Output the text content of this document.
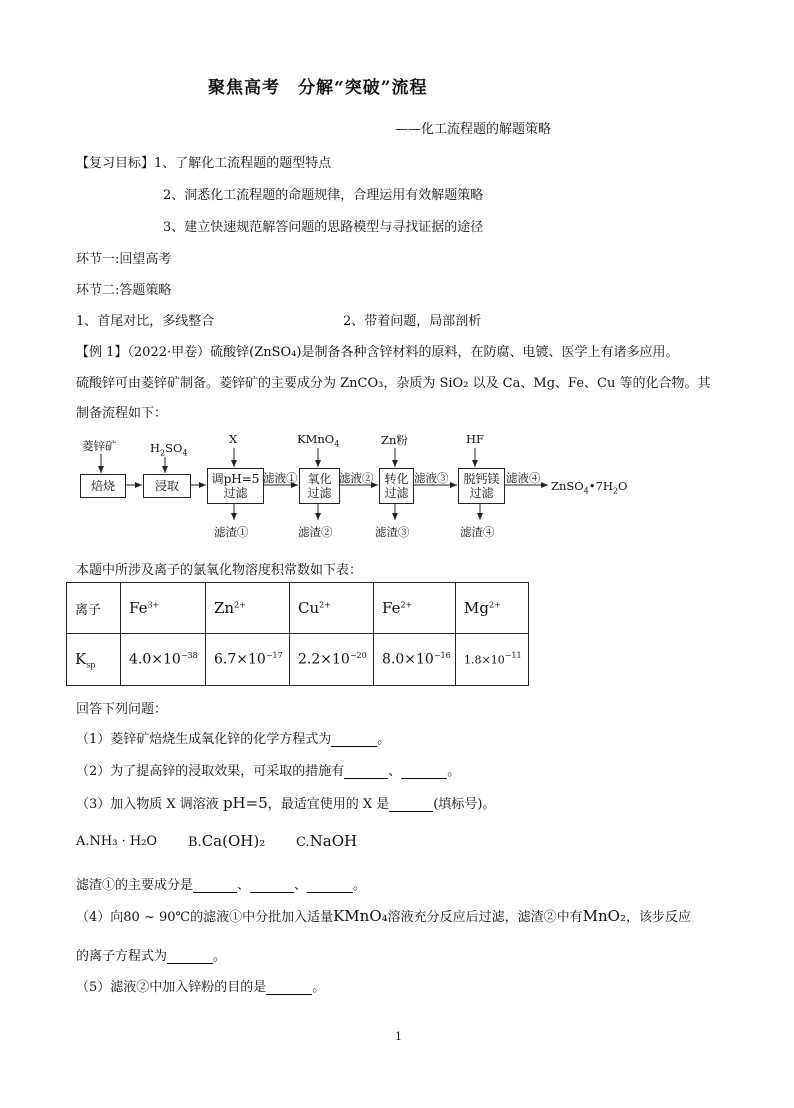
聚焦高考　分解“突破”流程
——化工流程题的解题策略
【复习目标】1、了解化工流程题的题型特点
2、洞悉化工流程题的命题规律，合理运用有效解题策略
3、建立快速规范解答问题的思路模型与寻找证据的途径
环节一:回望高考
环节二:答题策略
1、首尾对比，多线整合	2、带着问题，局部剖析
【例 1】（2022·甲卷）硫酸锌(ZnSO₄)是制备各种含锌材料的原料，在防腐、电镀、医学上有诸多应用。
硫酸锌可由菱锌矿制备。菱锌矿的主要成分为 ZnCO₃，杂质为 SiO₂ 以及 Ca、Mg、Fe、Cu 等的化合物。其
制备流程如下：
菱锌矿	$H_2SO_4$
X	KMnO$_4$	Zn粉	HF
焙烧	浸取	调pH=5
过滤
氧化
过滤
转化
过滤
脱钙镁
过滤
滤液①	滤液②	滤液③	滤液④
$ZnSO_4•7H_2O$
滤渣①	滤渣②	滤渣③	滤渣④
本题中所涉及离子的氯氧化物溶度积常数如下表：
离子	$Fe^{3+}$	$Zn^{2+}$	$Cu^{2+}$	$Fe^{2+}$	$Mg^{2+}$
$K_{sp}$	$4.0\times 10^{-38}$	$6.7\times 10^{-17}$	$2.2\times 10^{-20}$	$8.0\times 10^{-16}$	$1.8\times 10^{-11}$
回答下列问题：
（1）菱锌矿焙烧生成氧化锌的化学方程式为	。
（2）为了提高锌的浸取效果，可采取的措施有	、	。
（3）加入物质 X 调溶液 pH=5，最适宜使用的 X 是	(填标号)。
A.NH₃ · H₂O B.Ca(OH)₂ C.NaOH
滤渣①的主要成分是	、	、	。
（4）向80 ~ 90℃的滤液①中分批加入适量KMnO₄溶液充分反应后过滤，滤渣②中有MnO₂，该步反应
的离子方程式为	。
（5）滤液②中加入锌粉的目的是	。
1
